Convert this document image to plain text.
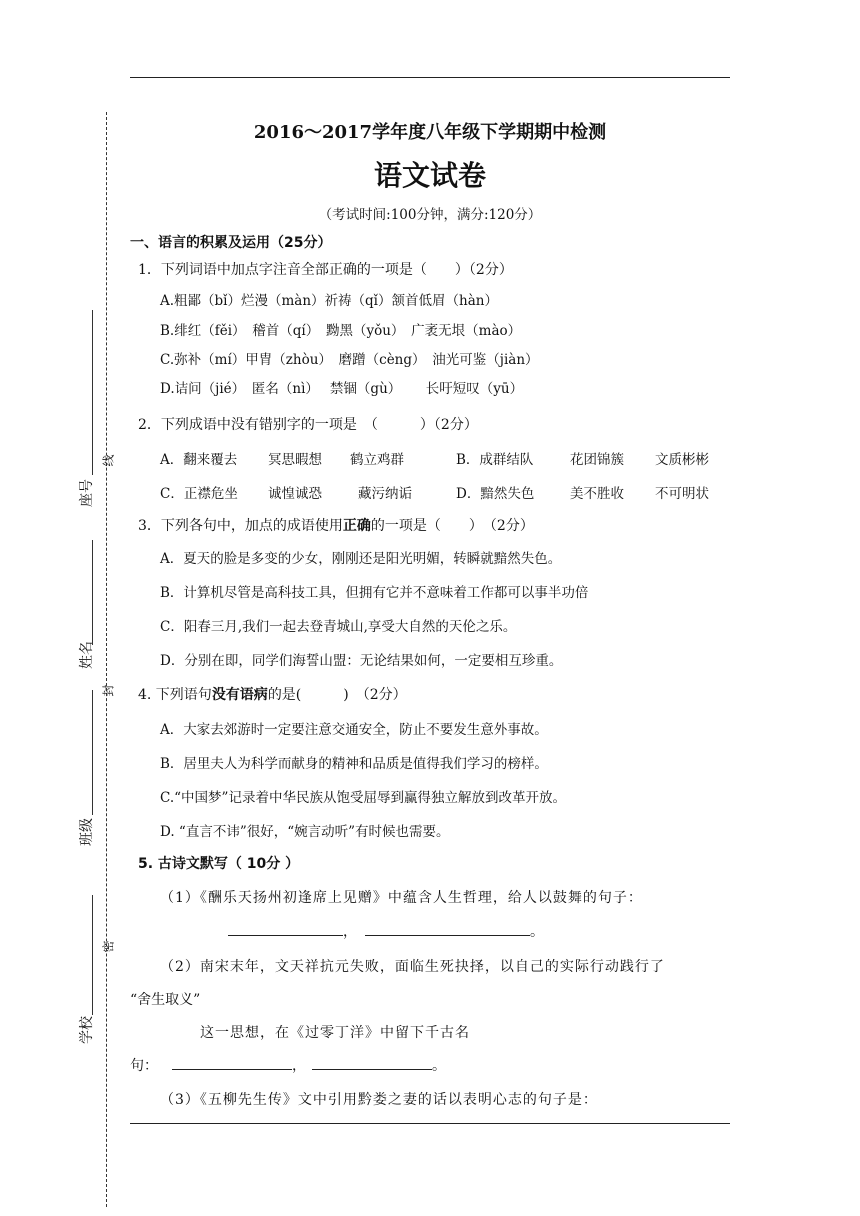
座号
姓名
班级
学校
线
封
密
2016～2017学年度八年级下学期期中检测
语文试卷
（考试时间:100分钟，满分:120分）
一、语言的积累及运用（25分）
1．下列词语中加点字注音全部正确的一项是（　　）（2分）
A.粗鄙（bǐ）烂漫（màn）祈祷（qǐ）颔首低眉（hàn）
B.绯红（fěi）　稽首（qí）　黝黑（yǒu）　广袤无垠（mào）
C.弥补（mí）甲胄（zhòu）　磨蹭（cèng）　油光可鉴（jiàn）
D.诘问（jié）　匿名（nì）　 禁锢（gù）　　 长吁短叹（yū）
2．下列成语中没有错别字的一项是　（　　　）（2分）
A．翻来覆去 冥思暇想 鹤立鸡群	B．成群结队	花团锦簇 文质彬彬
C．正襟危坐 诚惶诚恐	藏污纳诟	D．黯然失色	美不胜收 不可明状
3．下列各句中，加点的成语使用正确的一项是（　　）　（2分）
A．夏天的脸是多变的少女，刚刚还是阳光明媚，转瞬就黯然失色。
B．计算机尽管是高科技工具，但拥有它并不意味着工作都可以事半功倍
C．阳春三月,我们一起去登青城山,享受大自然的天伦之乐。
D．分别在即，同学们海誓山盟：无论结果如何，一定要相互珍重。
4. 下列语句没有语病的是(　　　)　（2分）
A．大家去郊游时一定要注意交通安全，防止不要发生意外事故。
B．居里夫人为科学而献身的精神和品质是值得我们学习的榜样。
C.“中国梦”记录着中华民族从饱受屈辱到赢得独立解放到改革开放。
D. “直言不讳”很好，“婉言动听”有时候也需要。
5. 古诗文默写（ 10分 ）
（1）《酬乐天扬州初逢席上见赠》中蕴含人生哲理，给人以鼓舞的句子：
，	。
（2）南宋末年，文天祥抗元失败，面临生死抉择，以自己的实际行动践行了
“舍生取义”
这一思想，在《过零丁洋》中留下千古名
句：	，	。
（3）《五柳先生传》文中引用黔娄之妻的话以表明心志的句子是：
